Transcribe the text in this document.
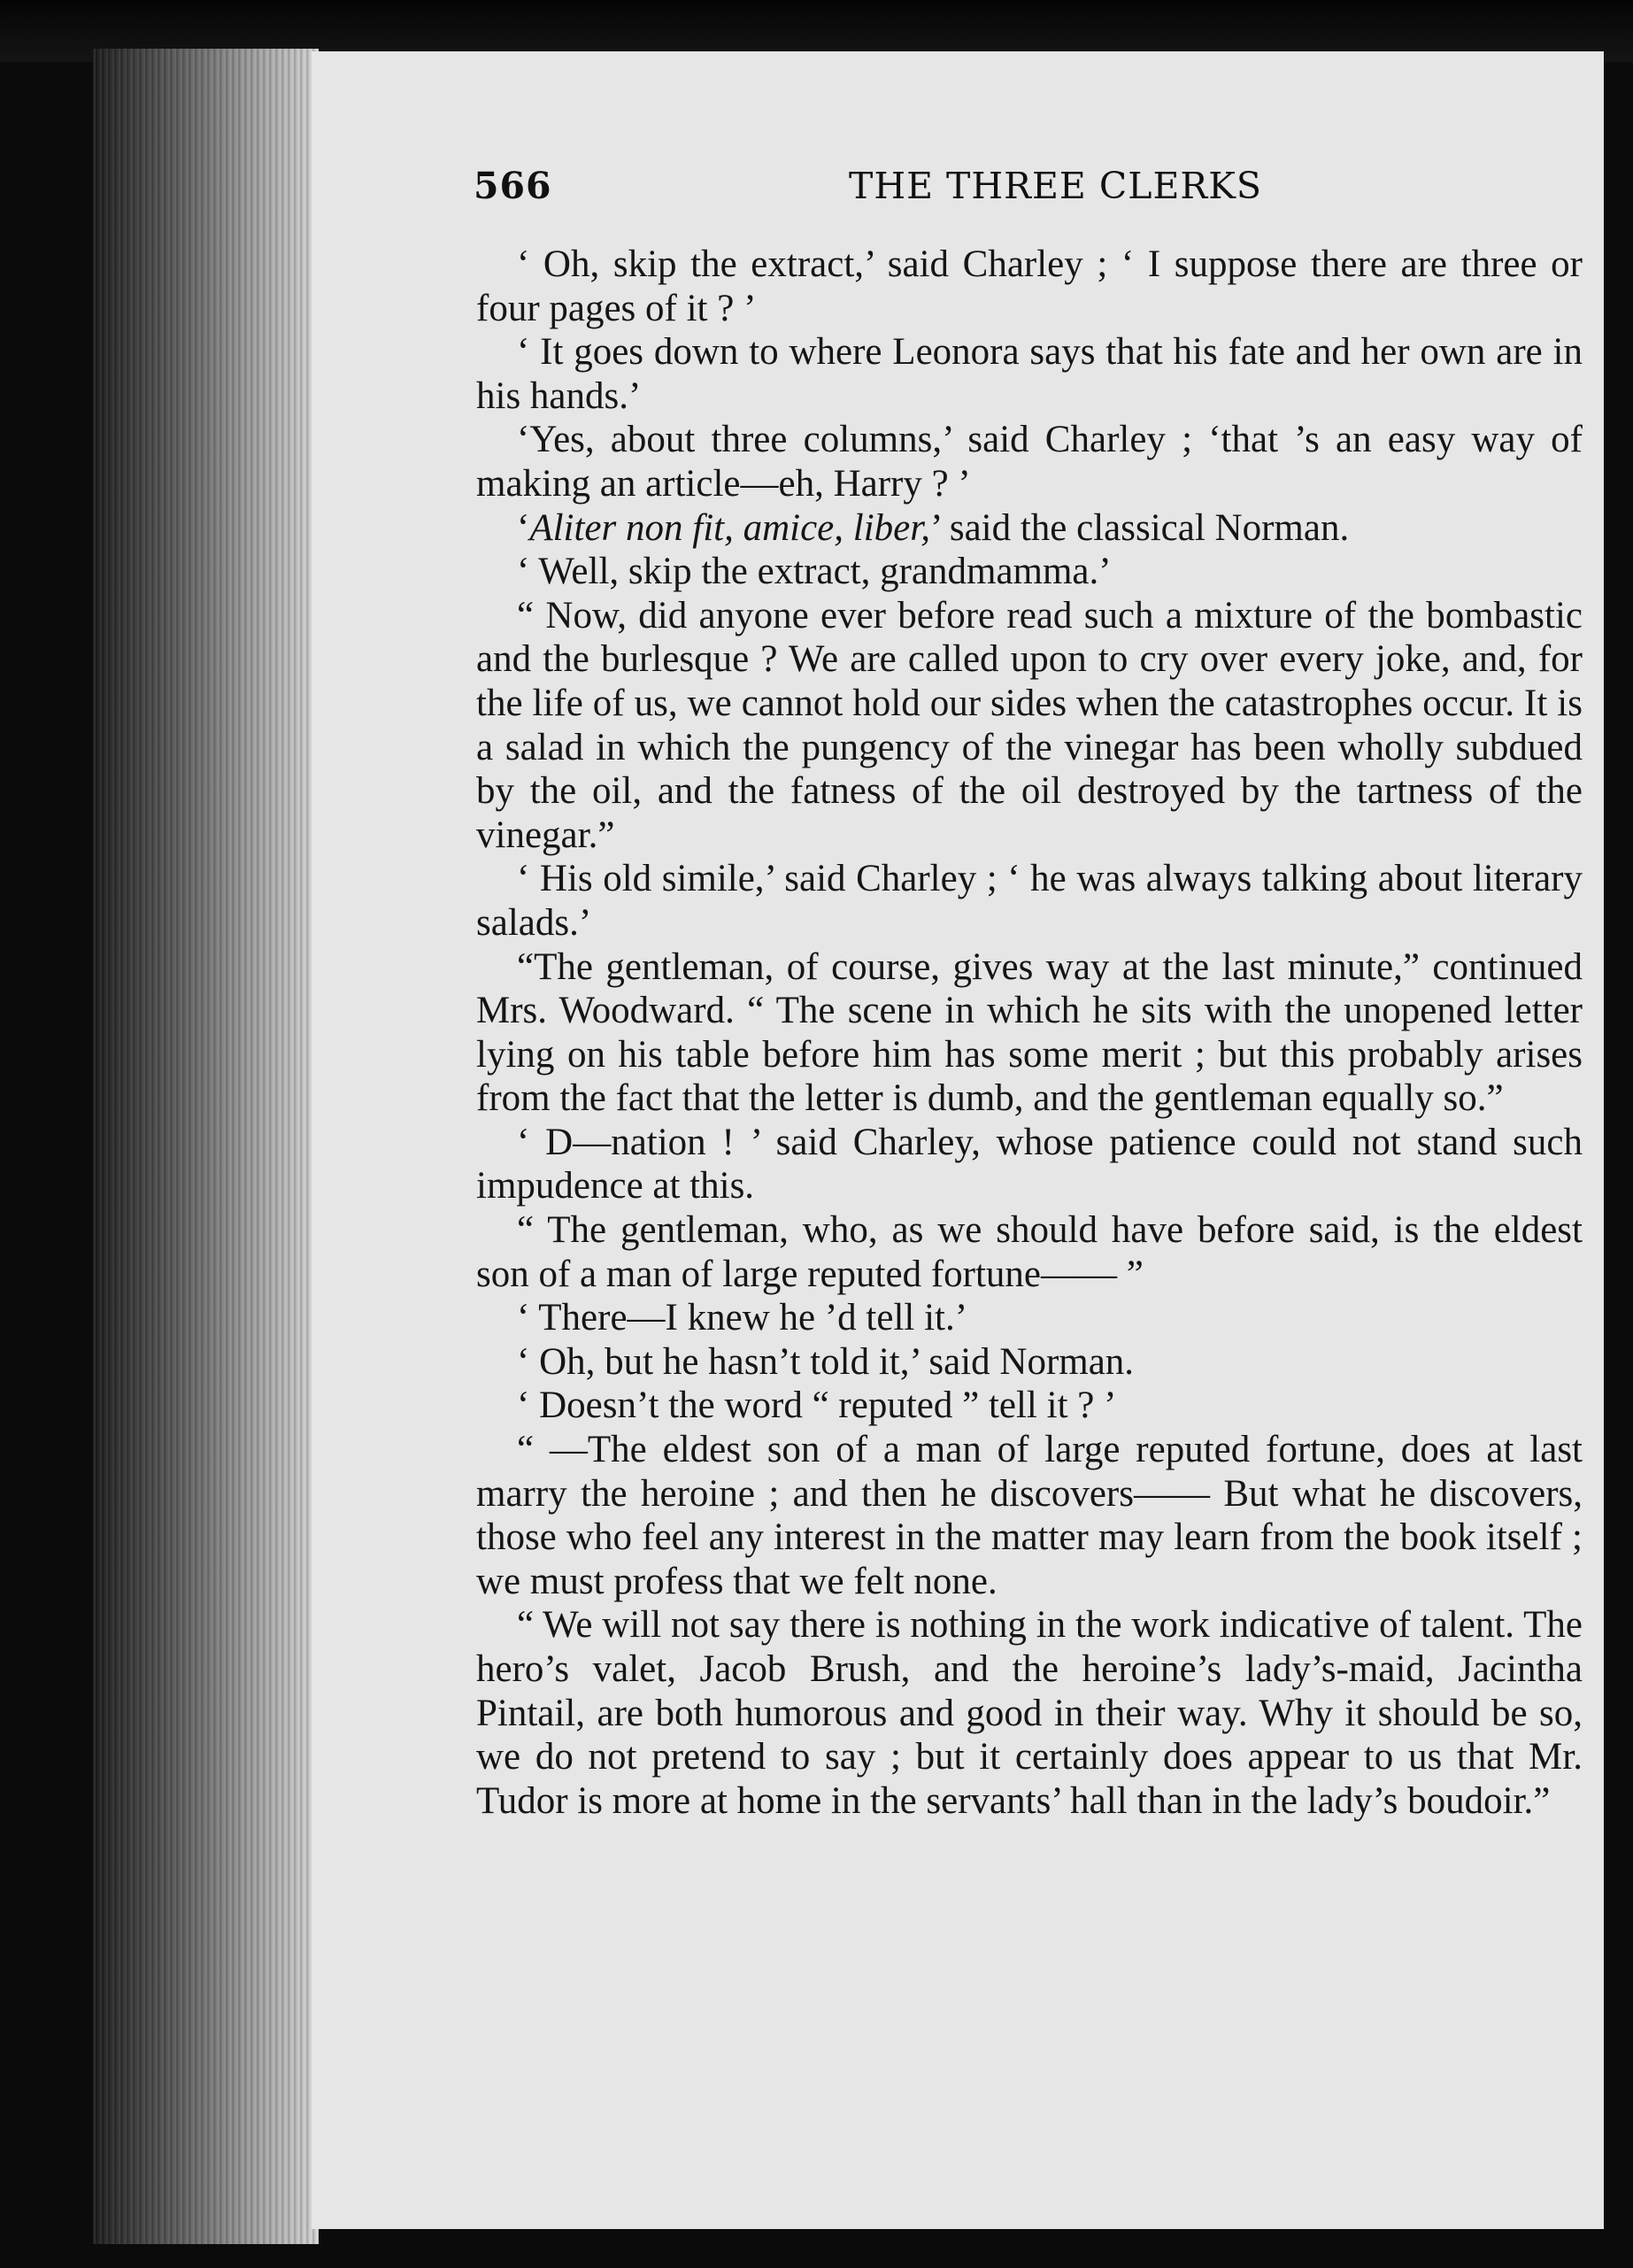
566	THE THREE CLERKS

‘ Oh, skip the extract,’ said Charley ; ‘ I suppose there are three or four pages of it ? ’

‘ It goes down to where Leonora says that his fate and her own are in his hands.’

‘Yes, about three columns,’ said Charley ; ‘that ’s an easy way of making an article—eh, Harry ? ’

‘Aliter non fit, amice, liber,’ said the classical Norman.

‘ Well, skip the extract, grandmamma.’

“ Now, did anyone ever before read such a mixture of the bombastic and the burlesque ? We are called upon to cry over every joke, and, for the life of us, we cannot hold our sides when the catastrophes occur. It is a salad in which the pungency of the vinegar has been wholly subdued by the oil, and the fatness of the oil destroyed by the tartness of the vinegar.”

‘ His old simile,’ said Charley ; ‘ he was always talking about literary salads.’

“The gentleman, of course, gives way at the last minute,” continued Mrs. Woodward. “ The scene in which he sits with the unopened letter lying on his table before him has some merit ; but this probably arises from the fact that the letter is dumb, and the gentleman equally so.”

‘ D—nation ! ’ said Charley, whose patience could not stand such impudence at this.

“ The gentleman, who, as we should have before said, is the eldest son of a man of large reputed fortune—— ”

‘ There—I knew he ’d tell it.’

‘ Oh, but he hasn’t told it,’ said Norman.

‘ Doesn’t the word “ reputed ” tell it ? ’

“ —The eldest son of a man of large reputed fortune, does at last marry the heroine ; and then he discovers—— But what he discovers, those who feel any interest in the matter may learn from the book itself ; we must profess that we felt none.

“ We will not say there is nothing in the work indicative of talent. The hero’s valet, Jacob Brush, and the heroine’s lady’s-maid, Jacintha Pintail, are both humorous and good in their way. Why it should be so, we do not pretend to say ; but it certainly does appear to us that Mr. Tudor is more at home in the servants’ hall than in the lady’s boudoir.”
